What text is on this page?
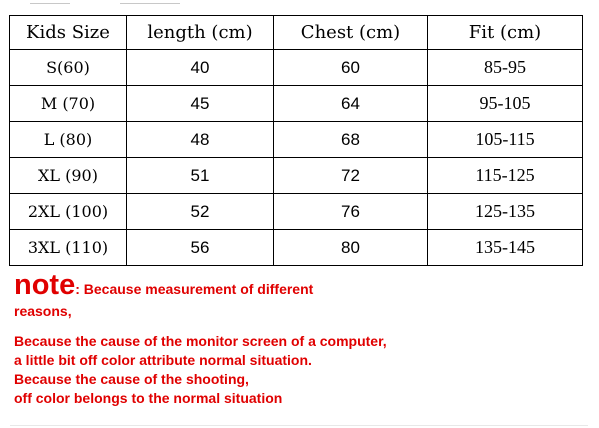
Kids Size	length (cm)	Chest (cm)	Fit (cm)
S(60)	40	60	85-95
M (70)	45	64	95-105
L (80)	48	68	105-115
XL (90)	51	72	115-125
2XL (100)	52	76	125-135
3XL (110)	56	80	135-145
note: Because measurement of different
reasons,
Because the cause of the monitor screen of a computer,
a little bit off color attribute normal situation.
Because the cause of the shooting,
off color belongs to the normal situation
